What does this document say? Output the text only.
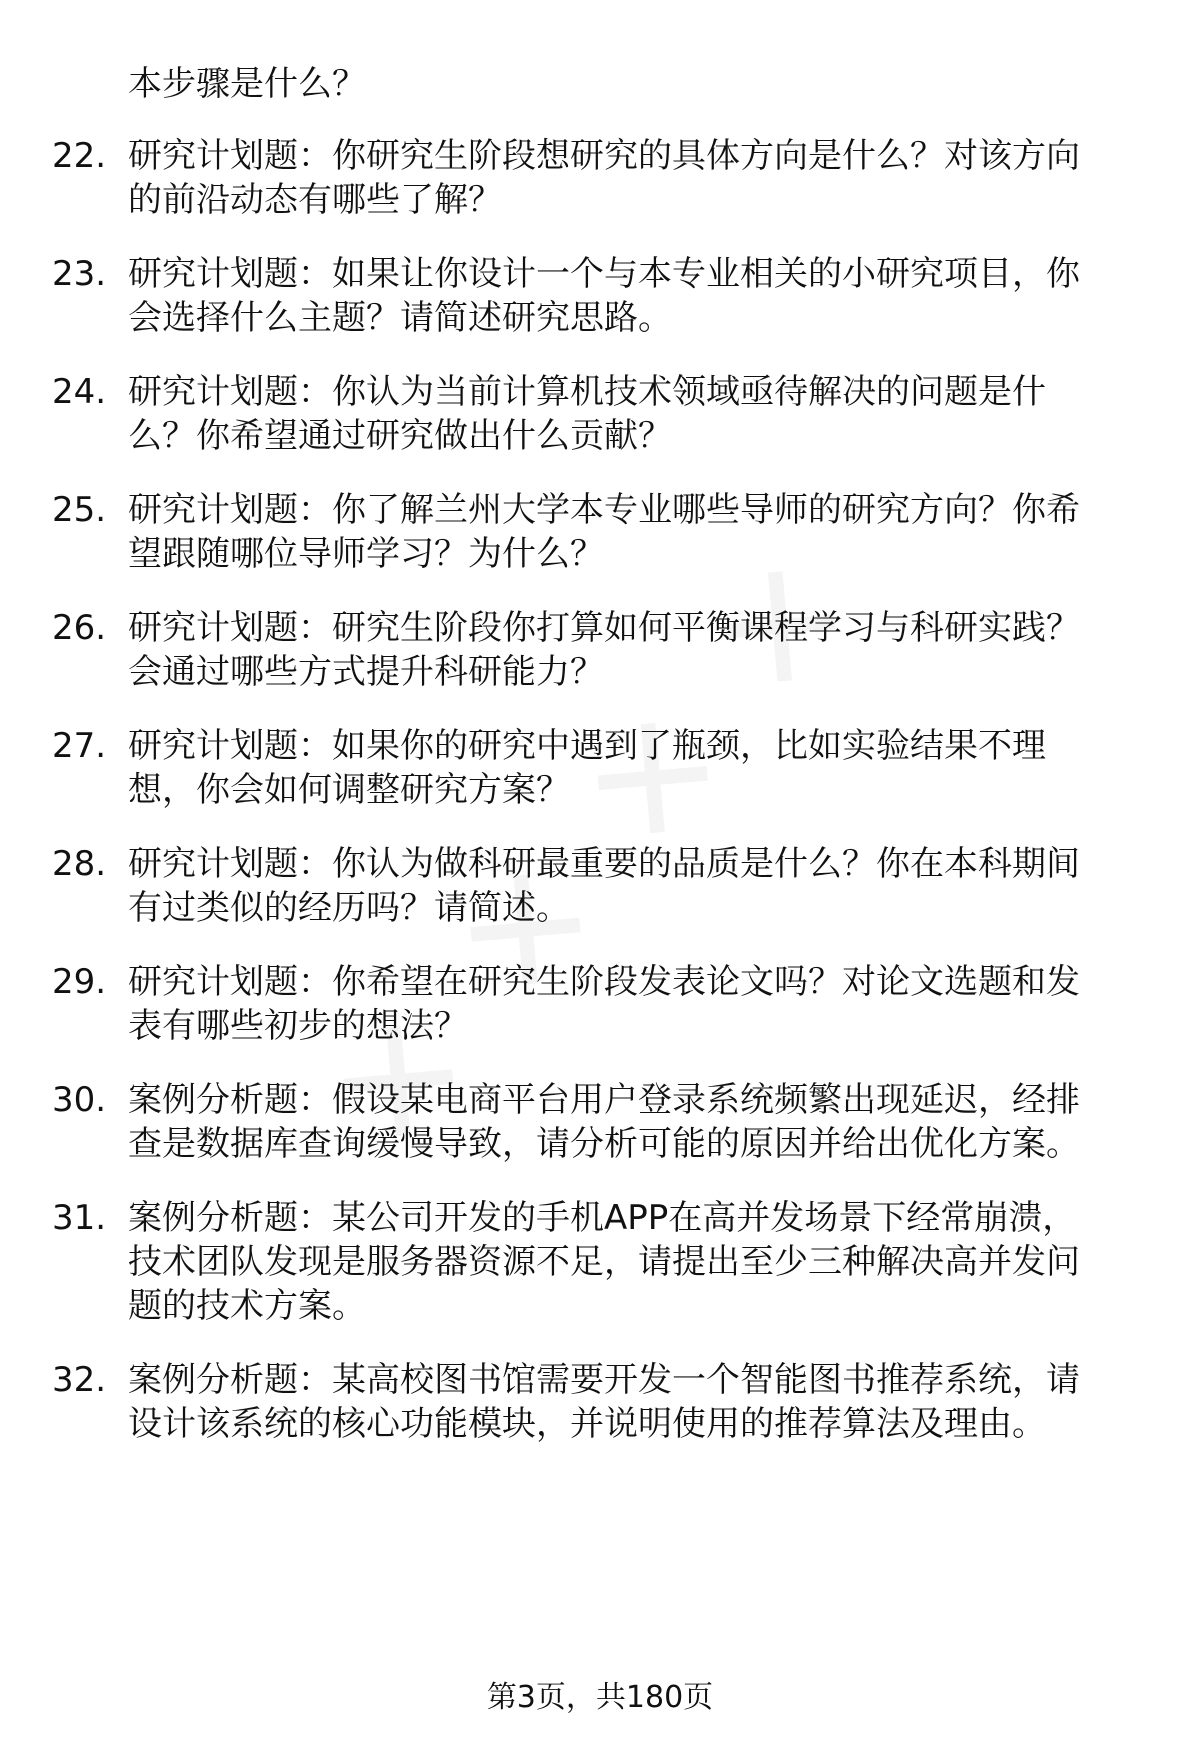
本步骤是什么？

22. 研究计划题：你研究生阶段想研究的具体方向是什么？对该方向
的前沿动态有哪些了解？

23. 研究计划题：如果让你设计一个与本专业相关的小研究项目，你
会选择什么主题？请简述研究思路。

24. 研究计划题：你认为当前计算机技术领域亟待解决的问题是什
么？你希望通过研究做出什么贡献？

25. 研究计划题：你了解兰州大学本专业哪些导师的研究方向？你希
望跟随哪位导师学习？为什么？

26. 研究计划题：研究生阶段你打算如何平衡课程学习与科研实践？
会通过哪些方式提升科研能力？

27. 研究计划题：如果你的研究中遇到了瓶颈，比如实验结果不理
想，你会如何调整研究方案？

28. 研究计划题：你认为做科研最重要的品质是什么？你在本科期间
有过类似的经历吗？请简述。

29. 研究计划题：你希望在研究生阶段发表论文吗？对论文选题和发
表有哪些初步的想法？

30. 案例分析题：假设某电商平台用户登录系统频繁出现延迟，经排
查是数据库查询缓慢导致，请分析可能的原因并给出优化方案。

31. 案例分析题：某公司开发的手机APP在高并发场景下经常崩溃，
技术团队发现是服务器资源不足，请提出至少三种解决高并发问
题的技术方案。

32. 案例分析题：某高校图书馆需要开发一个智能图书推荐系统，请
设计该系统的核心功能模块，并说明使用的推荐算法及理由。

第3页，共180页
